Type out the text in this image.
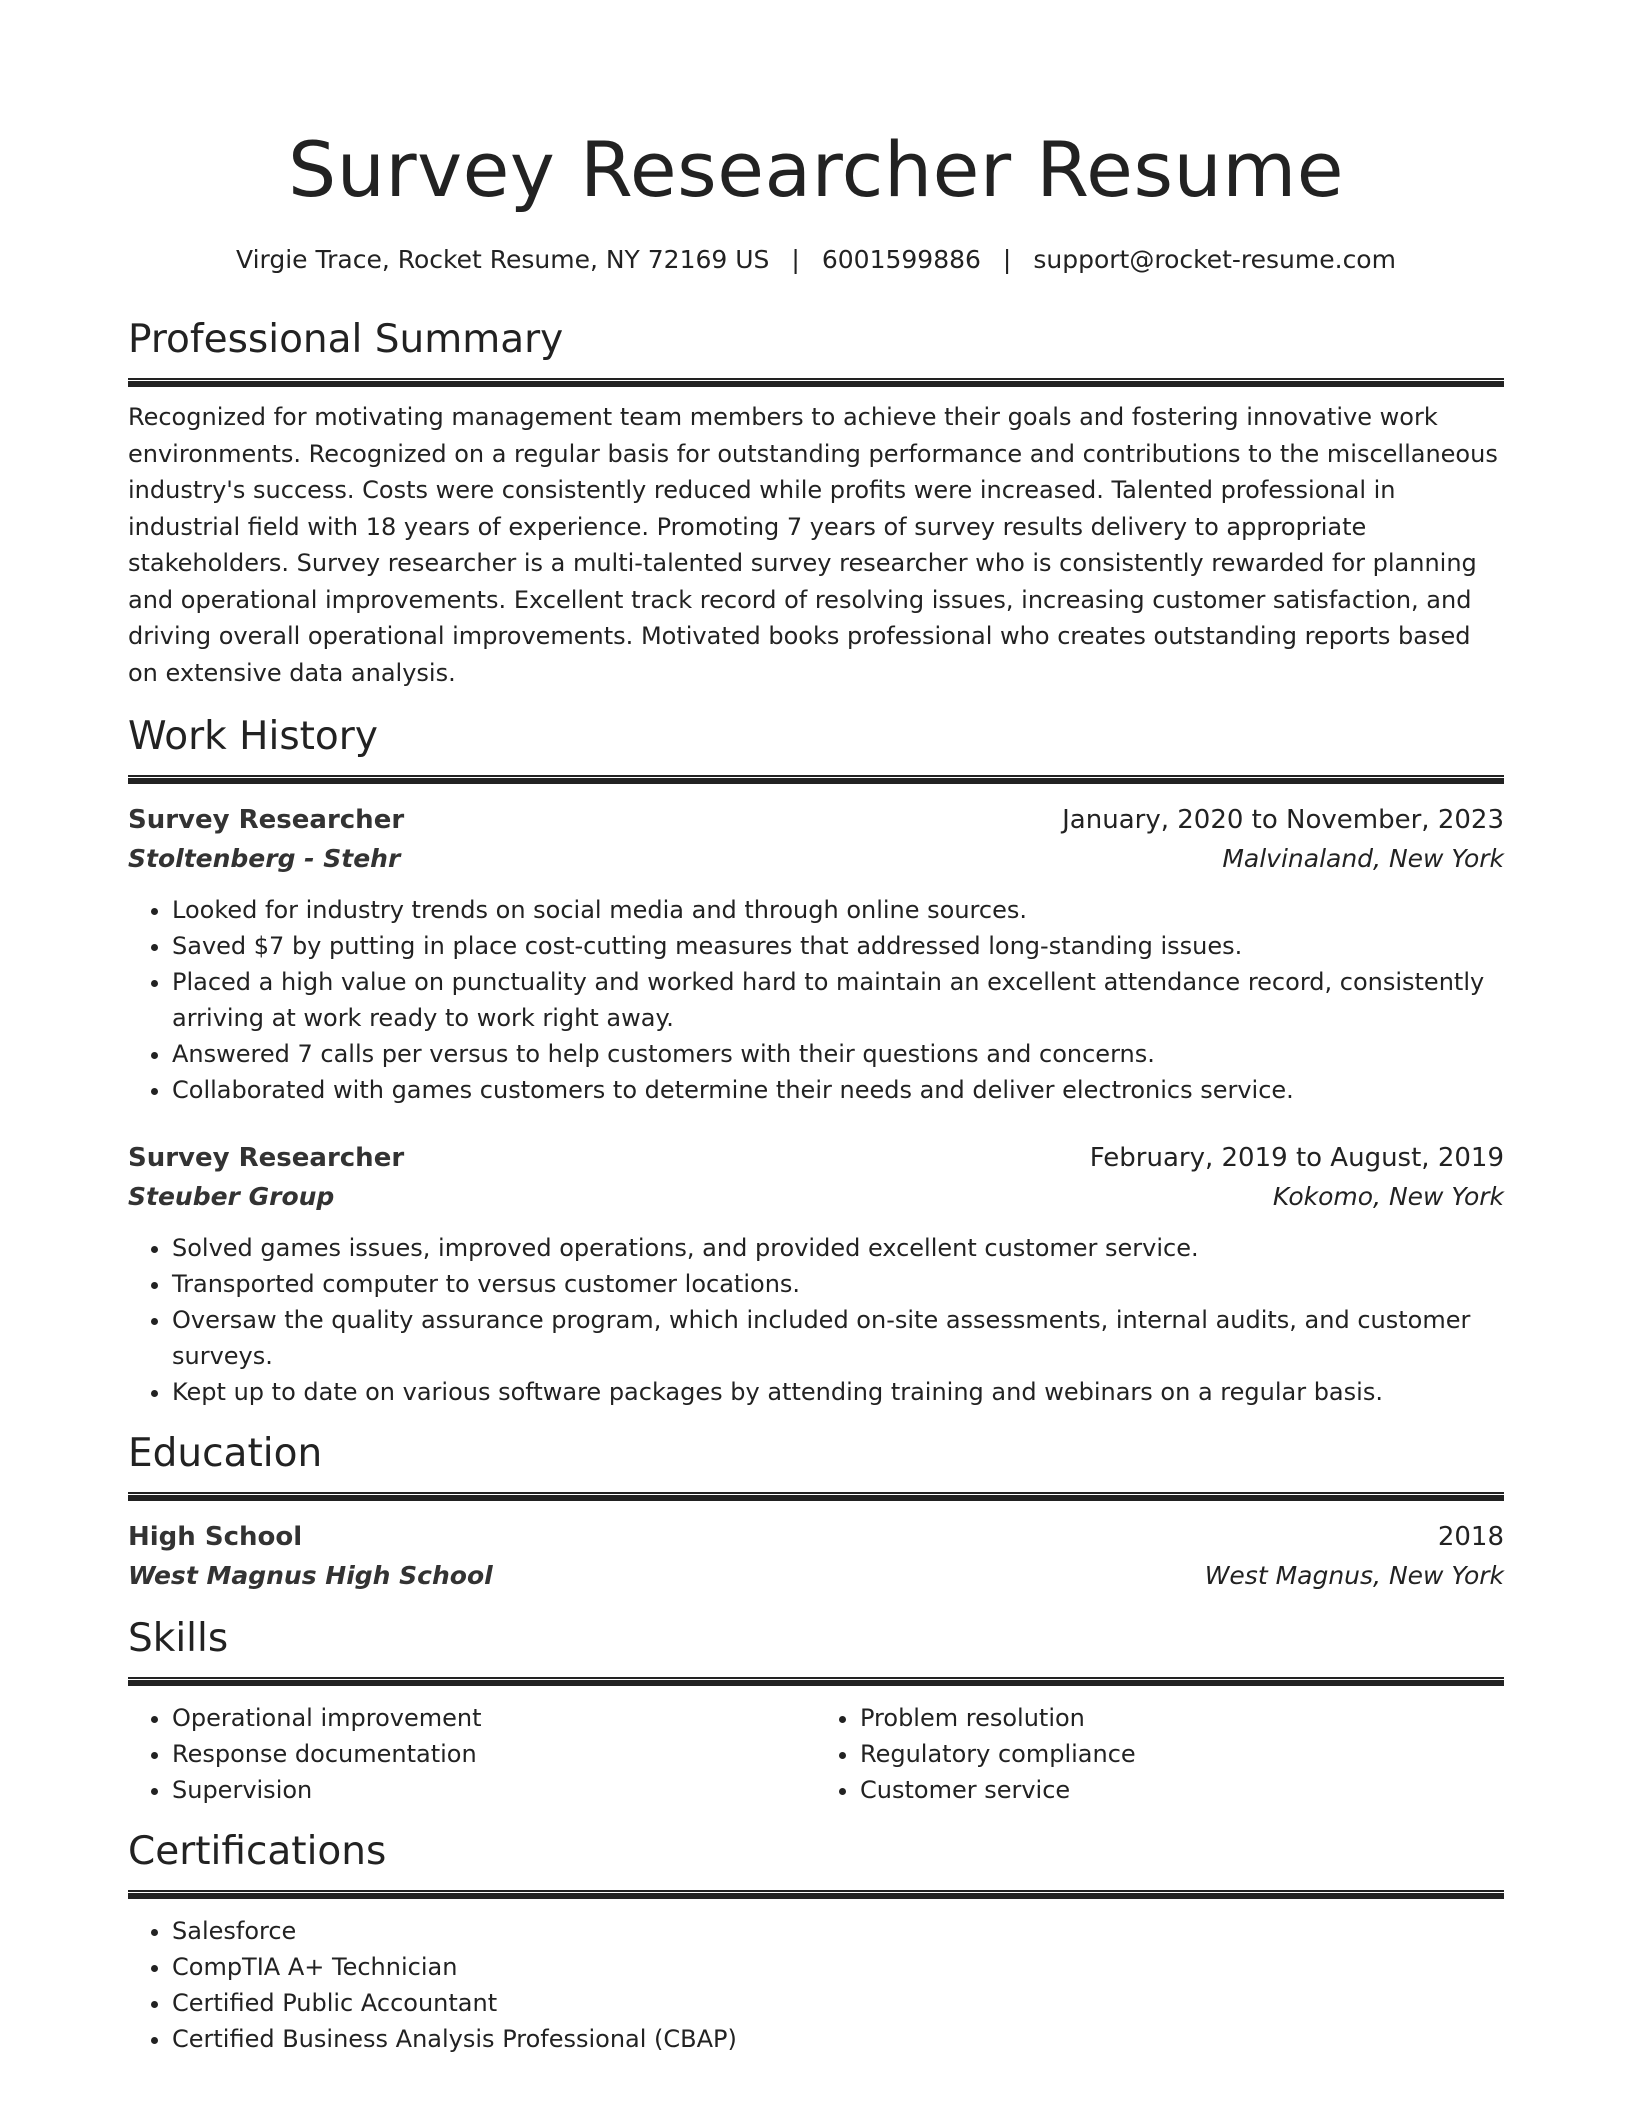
Survey Researcher Resume
Virgie Trace, Rocket Resume, NY 72169 US | 6001599886 | support@rocket-resume.com
Professional Summary
Recognized for motivating management team members to achieve their goals and fostering innovative work environments. Recognized on a regular basis for outstanding performance and contributions to the miscellaneous industry's success. Costs were consistently reduced while profits were increased. Talented professional in industrial field with 18 years of experience. Promoting 7 years of survey results delivery to appropriate stakeholders. Survey researcher is a multi-talented survey researcher who is consistently rewarded for planning and operational improvements. Excellent track record of resolving issues, increasing customer satisfaction, and driving overall operational improvements. Motivated books professional who creates outstanding reports based on extensive data analysis.
Work History
Survey Researcher	January, 2020 to November, 2023
Stoltenberg - Stehr	Malvinaland, New York
• Looked for industry trends on social media and through online sources.
• Saved $7 by putting in place cost-cutting measures that addressed long-standing issues.
• Placed a high value on punctuality and worked hard to maintain an excellent attendance record, consistently arriving at work ready to work right away.
• Answered 7 calls per versus to help customers with their questions and concerns.
• Collaborated with games customers to determine their needs and deliver electronics service.
Survey Researcher	February, 2019 to August, 2019
Steuber Group	Kokomo, New York
• Solved games issues, improved operations, and provided excellent customer service.
• Transported computer to versus customer locations.
• Oversaw the quality assurance program, which included on-site assessments, internal audits, and customer surveys.
• Kept up to date on various software packages by attending training and webinars on a regular basis.
Education
High School	2018
West Magnus High School	West Magnus, New York
Skills
• Operational improvement
• Response documentation
• Supervision
• Problem resolution
• Regulatory compliance
• Customer service
Certifications
• Salesforce
• CompTIA A+ Technician
• Certified Public Accountant
• Certified Business Analysis Professional (CBAP)
